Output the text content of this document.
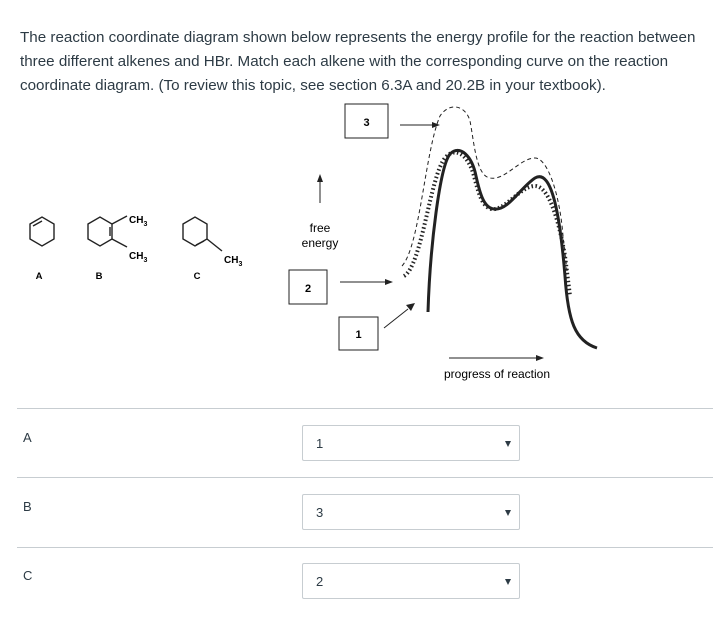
The reaction coordinate diagram shown below represents the energy profile for the reaction between three different alkenes and HBr. Match each alkene with the corresponding curve on the reaction coordinate diagram. (To review this topic, see section 6.3A and 20.2B in your textbook).

A
$CH_3$
$CH_3$
B
$CH_3$
C
free
energy
3
2
1
progress of reaction
A	1
B	3
C	2
